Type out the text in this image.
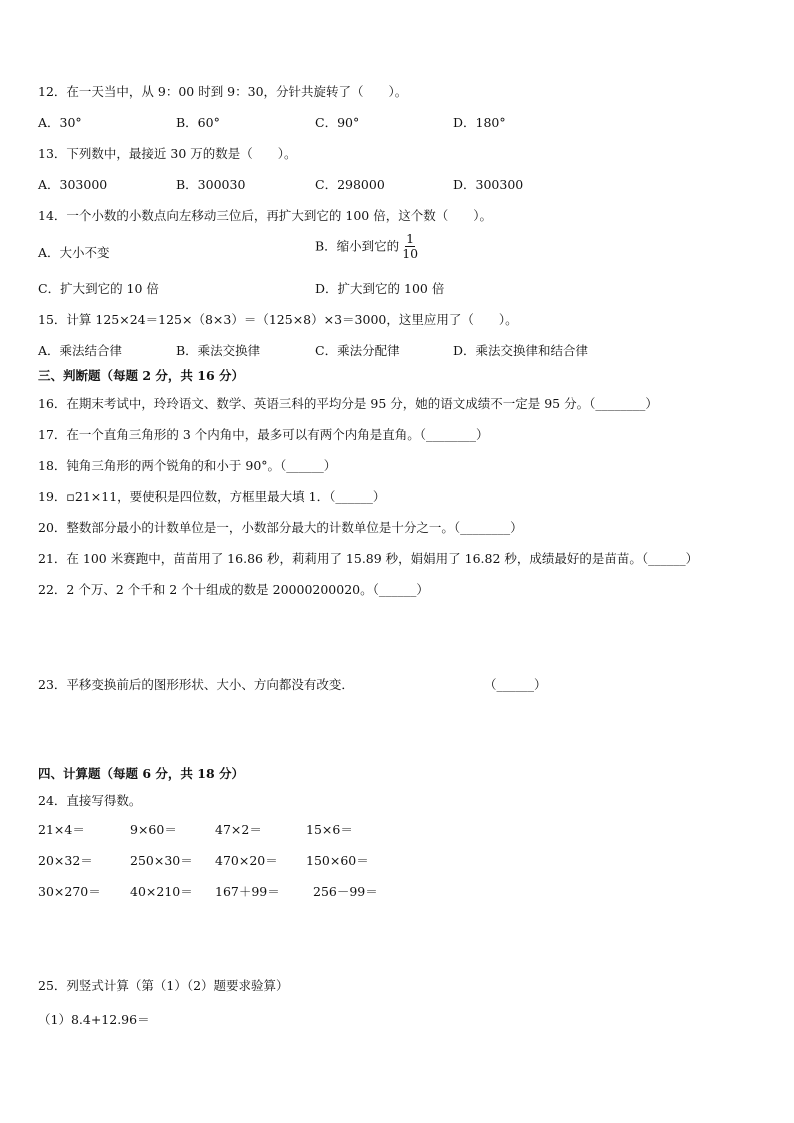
12．在一天当中，从 9：00 时到 9：30，分针共旋转了（　　）。
A．30°	B．60°	C．90°	D．180°
13．下列数中，最接近 30 万的数是（　　）。
A．303000	B．300030	C．298000	D．300300
14．一个小数的小数点向左移动三位后，再扩大到它的 100 倍，这个数（　　）。
A．大小不变	B．缩小到它的 $\frac{1}{10}$
C．扩大到它的 10 倍	D．扩大到它的 100 倍
15．计算 125×24＝125×（8×3）＝（125×8）×3＝3000，这里应用了（　　）。
A．乘法结合律	B．乘法交换律	C．乘法分配律	D．乘法交换律和结合律
三、判断题（每题 2 分，共 16 分）
16．在期末考试中，玲玲语文、数学、英语三科的平均分是 95 分，她的语文成绩不一定是 95 分。（________）
17．在一个直角三角形的 3 个内角中，最多可以有两个内角是直角。（________）
18．钝角三角形的两个锐角的和小于 90°。（______）
19．▫21×11，要使积是四位数，方框里最大填 1．（______）
20．整数部分最小的计数单位是一，小数部分最大的计数单位是十分之一。（________）
21．在 100 米赛跑中，苗苗用了 16.86 秒，莉莉用了 15.89 秒，娟娟用了 16.82 秒，成绩最好的是苗苗。（______）
22．2 个万、2 个千和 2 个十组成的数是 20000200020。（______）
23．平移变换前后的图形形状、大小、方向都没有改变．	（______）
四、计算题（每题 6 分，共 18 分）
24．直接写得数。
21×4＝	9×60＝	47×2＝	15×6＝
20×32＝	250×30＝ 470×20＝ 150×60＝
30×270＝ 40×210＝ 167＋99＝	256－99＝
25．列竖式计算（第（1）（2）题要求验算）
（1）8.4+12.96＝
